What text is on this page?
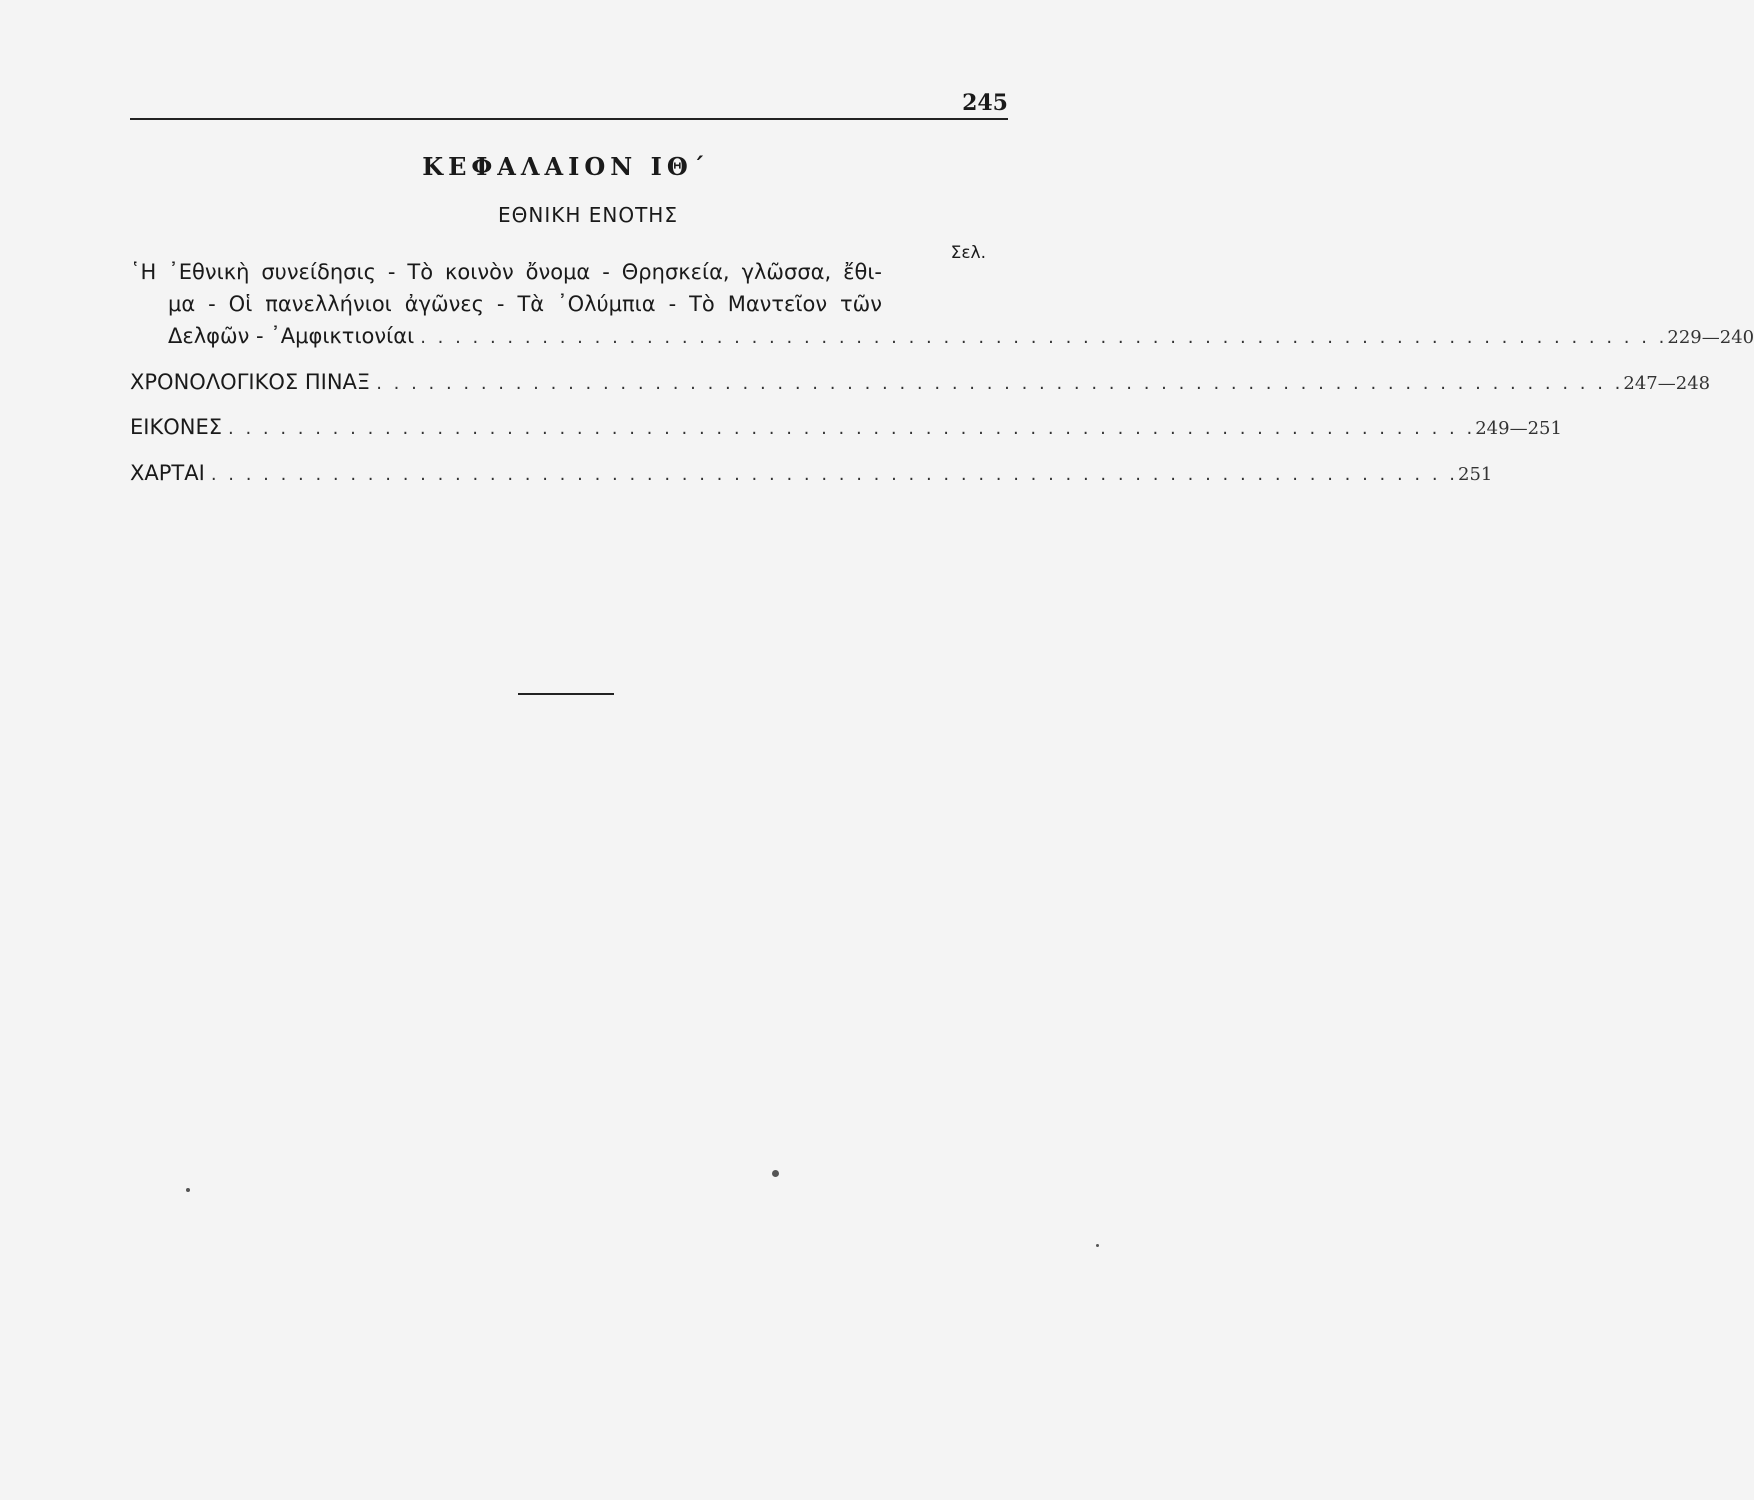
245
ΚΕΦΑΛΑΙΟΝ ΙΘ΄
ΕΘΝΙΚΗ ΕΝΟΤΗΣ
Σελ.
῾Η ᾿Εθνικὴ συνείδησις - Τὸ κοινὸν ὄνομα - Θρησκεία, γλῶσσα, ἔθι-
μα - Οἱ πανελλήνιοι ἀγῶνες - Τὰ ᾿Ολύμπια - Τὸ Μαντεῖον τῶν
Δελφῶν - ᾿Αμφικτιονίαι . . . . . . . . . . . . . . . . . . . . . . . . . . . . . . . . . . . . . . . . . . . . . . . . . . . . . . . . . . . . . . . . . . . . . . . . 229—240
ΧΡΟΝΟΛΟΓΙΚΟΣ ΠΙΝΑΞ . . . . . . . . . . . . . . . . . . . . . . . . . . . . . . . . . . . . . . . . . . . . . . . . . . . . . . . . . . . . . . . . . . . . . . . . 247—248
ΕΙΚΟΝΕΣ . . . . . . . . . . . . . . . . . . . . . . . . . . . . . . . . . . . . . . . . . . . . . . . . . . . . . . . . . . . . . . . . . . . . . . . . 249—251
ΧΑΡΤΑΙ . . . . . . . . . . . . . . . . . . . . . . . . . . . . . . . . . . . . . . . . . . . . . . . . . . . . . . . . . . . . . . . . . . . . . . . . 251
